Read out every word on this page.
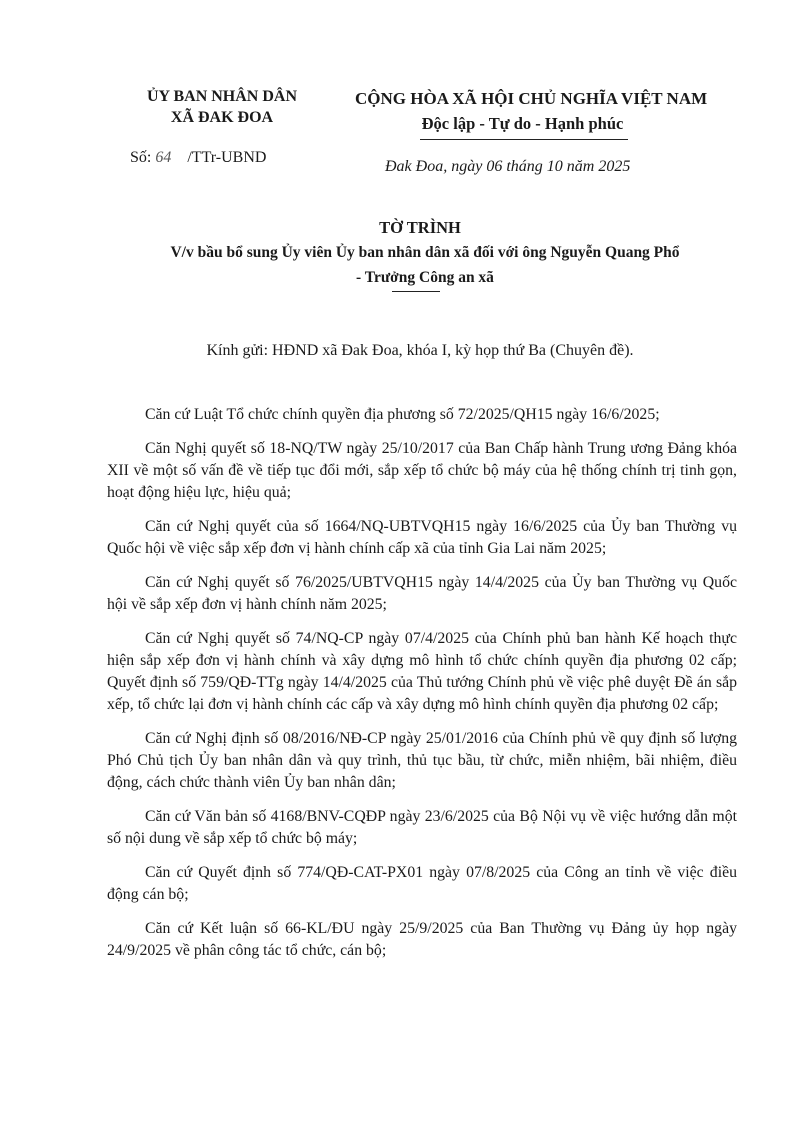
ỦY BAN NHÂN DÂN
XÃ ĐAK ĐOA
CỘNG HÒA XÃ HỘI CHỦ NGHĨA VIỆT NAM
Độc lập - Tự do - Hạnh phúc
Số: 64 /TTr-UBND
Đak Đoa, ngày 06 tháng 10 năm 2025
TỜ TRÌNH
V/v bầu bổ sung Ủy viên Ủy ban nhân dân xã đối với ông Nguyễn Quang Phổ
- Trưởng Công an xã
Kính gửi: HĐND xã Đak Đoa, khóa I, kỳ họp thứ Ba (Chuyên đề).

Căn cứ Luật Tổ chức chính quyền địa phương số 72/2025/QH15 ngày 16/6/2025;

Căn Nghị quyết số 18-NQ/TW ngày 25/10/2017 của Ban Chấp hành Trung ương Đảng khóa XII về một số vấn đề về tiếp tục đổi mới, sắp xếp tổ chức bộ máy của hệ thống chính trị tinh gọn, hoạt động hiệu lực, hiệu quả;

Căn cứ Nghị quyết của số 1664/NQ-UBTVQH15 ngày 16/6/2025 của Ủy ban Thường vụ Quốc hội về việc sắp xếp đơn vị hành chính cấp xã của tỉnh Gia Lai năm 2025;

Căn cứ Nghị quyết số 76/2025/UBTVQH15 ngày 14/4/2025 của Ủy ban Thường vụ Quốc hội về sắp xếp đơn vị hành chính năm 2025;

Căn cứ Nghị quyết số 74/NQ-CP ngày 07/4/2025 của Chính phủ ban hành Kế hoạch thực hiện sắp xếp đơn vị hành chính và xây dựng mô hình tổ chức chính quyền địa phương 02 cấp; Quyết định số 759/QĐ-TTg ngày 14/4/2025 của Thủ tướng Chính phủ về việc phê duyệt Đề án sắp xếp, tổ chức lại đơn vị hành chính các cấp và xây dựng mô hình chính quyền địa phương 02 cấp;

Căn cứ Nghị định số 08/2016/NĐ-CP ngày 25/01/2016 của Chính phủ về quy định số lượng Phó Chủ tịch Ủy ban nhân dân và quy trình, thủ tục bầu, từ chức, miễn nhiệm, bãi nhiệm, điều động, cách chức thành viên Ủy ban nhân dân;

Căn cứ Văn bản số 4168/BNV-CQĐP ngày 23/6/2025 của Bộ Nội vụ về việc hướng dẫn một số nội dung về sắp xếp tổ chức bộ máy;

Căn cứ Quyết định số 774/QĐ-CAT-PX01 ngày 07/8/2025 của Công an tỉnh về việc điều động cán bộ;

Căn cứ Kết luận số 66-KL/ĐU ngày 25/9/2025 của Ban Thường vụ Đảng ủy họp ngày 24/9/2025 về phân công tác tổ chức, cán bộ;
